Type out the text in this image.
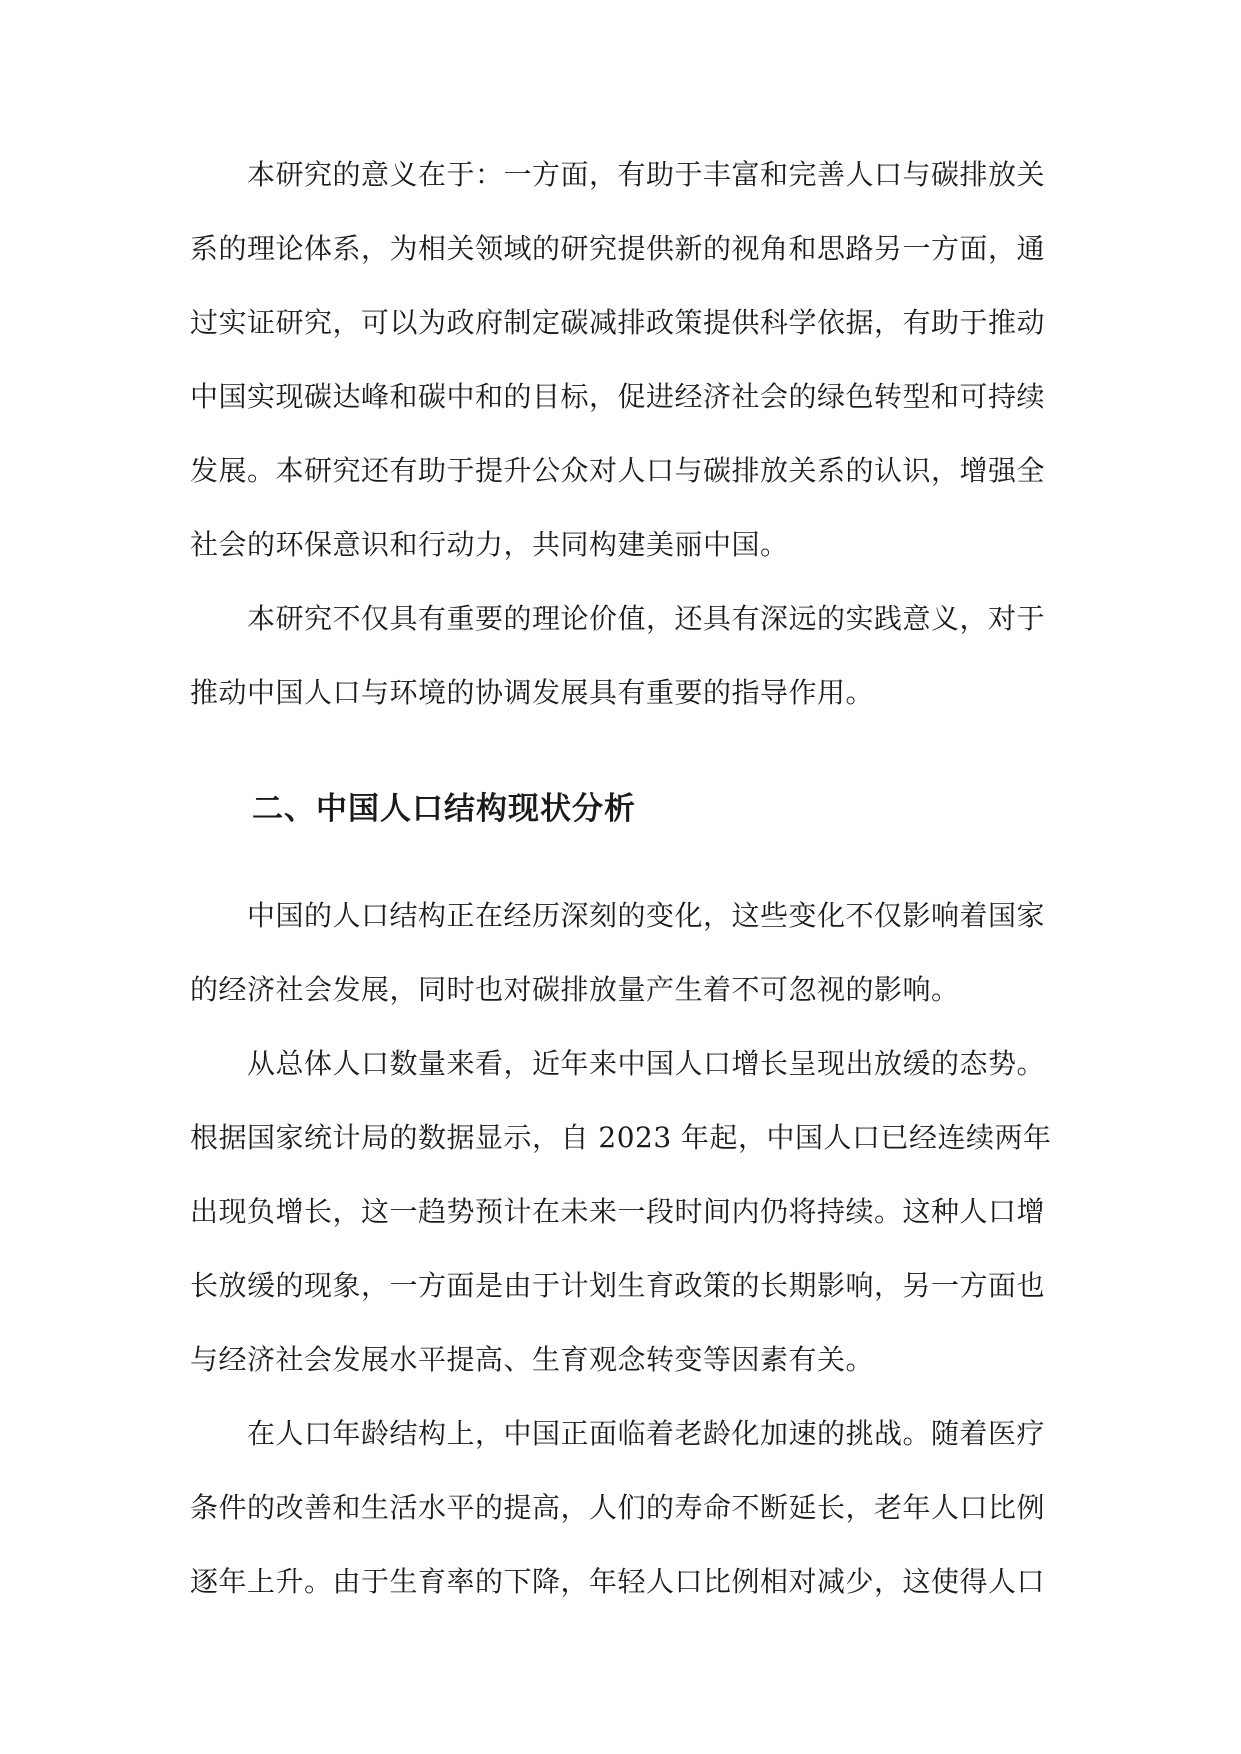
本研究的意义在于：一方面，有助于丰富和完善人口与碳排放关
系的理论体系，为相关领域的研究提供新的视角和思路另一方面，通
过实证研究，可以为政府制定碳减排政策提供科学依据，有助于推动
中国实现碳达峰和碳中和的目标，促进经济社会的绿色转型和可持续
发展。本研究还有助于提升公众对人口与碳排放关系的认识，增强全
社会的环保意识和行动力，共同构建美丽中国。
本研究不仅具有重要的理论价值，还具有深远的实践意义，对于
推动中国人口与环境的协调发展具有重要的指导作用。
二、中国人口结构现状分析
中国的人口结构正在经历深刻的变化，这些变化不仅影响着国家
的经济社会发展，同时也对碳排放量产生着不可忽视的影响。
从总体人口数量来看，近年来中国人口增长呈现出放缓的态势。
根据国家统计局的数据显示，自 2023 年起，中国人口已经连续两年
出现负增长，这一趋势预计在未来一段时间内仍将持续。这种人口增
长放缓的现象，一方面是由于计划生育政策的长期影响，另一方面也
与经济社会发展水平提高、生育观念转变等因素有关。
在人口年龄结构上，中国正面临着老龄化加速的挑战。随着医疗
条件的改善和生活水平的提高，人们的寿命不断延长，老年人口比例
逐年上升。由于生育率的下降，年轻人口比例相对减少，这使得人口
